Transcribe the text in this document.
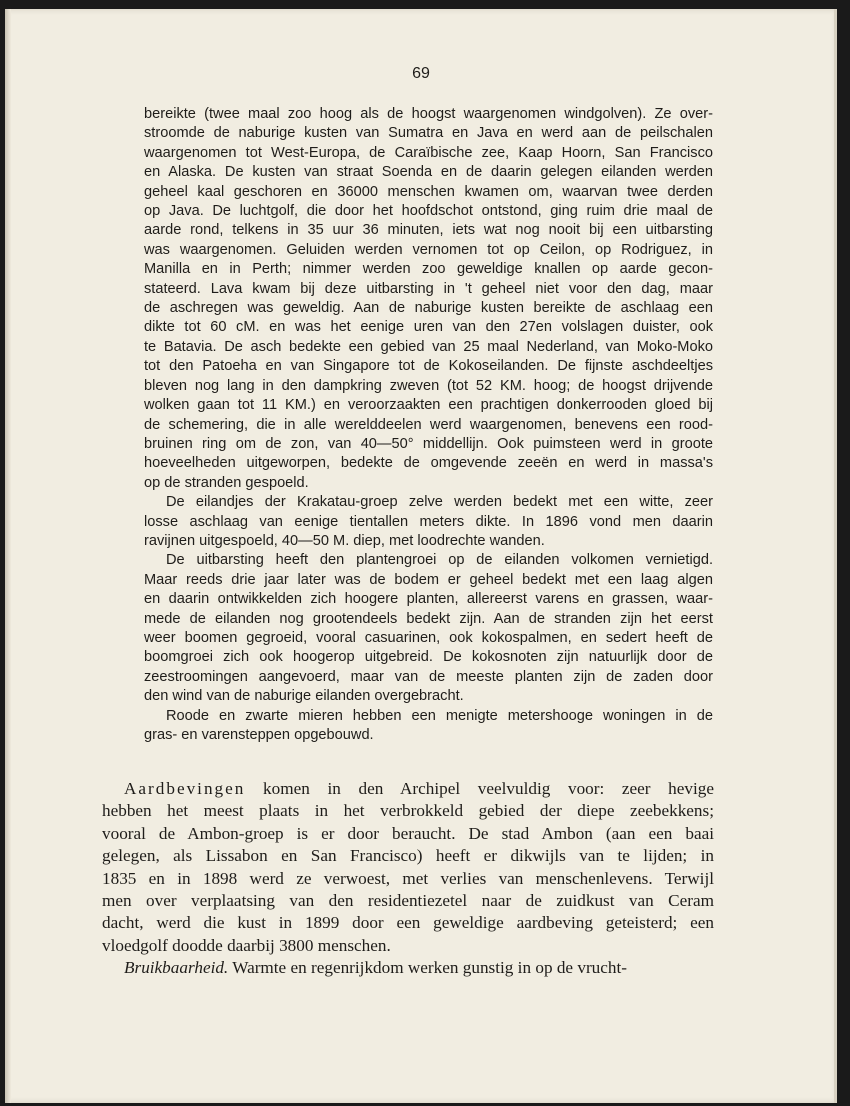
69

bereikte (twee maal zoo hoog als de hoogst waargenomen windgolven). Ze over-
stroomde de naburige kusten van Sumatra en Java en werd aan de peilschalen
waargenomen tot West-Europa, de Caraïbische zee, Kaap Hoorn, San Francisco
en Alaska. De kusten van straat Soenda en de daarin gelegen eilanden werden
geheel kaal geschoren en 36000 menschen kwamen om, waarvan twee derden
op Java. De luchtgolf, die door het hoofdschot ontstond, ging ruim drie maal de
aarde rond, telkens in 35 uur 36 minuten, iets wat nog nooit bij een uitbarsting
was waargenomen. Geluiden werden vernomen tot op Ceilon, op Rodriguez, in
Manilla en in Perth; nimmer werden zoo geweldige knallen op aarde gecon-
stateerd. Lava kwam bij deze uitbarsting in 't geheel niet voor den dag, maar
de aschregen was geweldig. Aan de naburige kusten bereikte de aschlaag een
dikte tot 60 cM. en was het eenige uren van den 27en volslagen duister, ook
te Batavia. De asch bedekte een gebied van 25 maal Nederland, van Moko-Moko
tot den Patoeha en van Singapore tot de Kokoseilanden. De fijnste aschdeeltjes
bleven nog lang in den dampkring zweven (tot 52 KM. hoog; de hoogst drijvende
wolken gaan tot 11 KM.) en veroorzaakten een prachtigen donkerrooden gloed bij
de schemering, die in alle werelddeelen werd waargenomen, benevens een rood-
bruinen ring om de zon, van 40—50° middellijn. Ook puimsteen werd in groote
hoeveelheden uitgeworpen, bedekte de omgevende zeeën en werd in massa's
op de stranden gespoeld.

De eilandjes der Krakatau-groep zelve werden bedekt met een witte, zeer
losse aschlaag van eenige tientallen meters dikte. In 1896 vond men daarin
ravijnen uitgespoeld, 40—50 M. diep, met loodrechte wanden.

De uitbarsting heeft den plantengroei op de eilanden volkomen vernietigd.
Maar reeds drie jaar later was de bodem er geheel bedekt met een laag algen
en daarin ontwikkelden zich hoogere planten, allereerst varens en grassen, waar-
mede de eilanden nog grootendeels bedekt zijn. Aan de stranden zijn het eerst
weer boomen gegroeid, vooral casuarinen, ook kokospalmen, en sedert heeft de
boomgroei zich ook hoogerop uitgebreid. De kokosnoten zijn natuurlijk door de
zeestroomingen aangevoerd, maar van de meeste planten zijn de zaden door
den wind van de naburige eilanden overgebracht.

Roode en zwarte mieren hebben een menigte metershooge woningen in de
gras- en varensteppen opgebouwd.

Aardbevingen komen in den Archipel veelvuldig voor: zeer hevige
hebben het meest plaats in het verbrokkeld gebied der diepe zeebekkens;
vooral de Ambon-groep is er door beraucht. De stad Ambon (aan een baai
gelegen, als Lissabon en San Francisco) heeft er dikwijls van te lijden; in
1835 en in 1898 werd ze verwoest, met verlies van menschenlevens. Terwijl
men over verplaatsing van den residentiezetel naar de zuidkust van Ceram
dacht, werd die kust in 1899 door een geweldige aardbeving geteisterd; een
vloedgolf doodde daarbij 3800 menschen.

Bruikbaarheid. Warmte en regenrijkdom werken gunstig in op de vrucht-
